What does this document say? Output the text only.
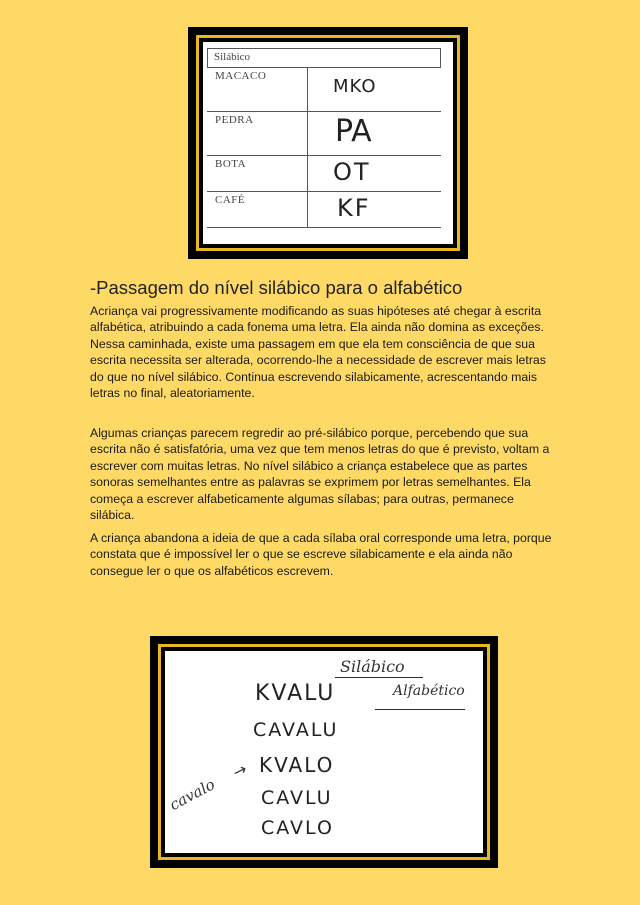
Silábico
MACACO	MKO
PEDRA	PA
BOTA	OT
CAFÉ	KF
-Passagem do nível silábico para o alfabético

Acriança vai progressivamente modificando as suas hipóteses até chegar à escrita alfabética, atribuindo a cada fonema uma letra. Ela ainda não domina as exceções. Nessa caminhada, existe uma passagem em que ela tem consciência de que sua escrita necessita ser alterada, ocorrendo-lhe a necessidade de escrever mais letras do que no nível silábico. Continua escrevendo silabicamente, acrescentando mais letras no final, aleatoriamente.

Algumas crianças parecem regredir ao pré-silábico porque, percebendo que sua escrita não é satisfatória, uma vez que tem menos letras do que é previsto, voltam a escrever com muitas letras. No nível silábico a criança estabelece que as partes sonoras semelhantes entre as palavras se exprimem por letras semelhantes. Ela começa a escrever alfabeticamente algumas sílabas; para outras, permanece silábica.

A criança abandona a ideia de que a cada sílaba oral corresponde uma letra, porque constata que é impossível ler o que se escreve silabicamente e ela ainda não consegue ler o que os alfabéticos escrevem.

Silábico
Alfabético
KVALU
CAVALU
KVALO
CAVLU
CAVLO
cavalo
→
